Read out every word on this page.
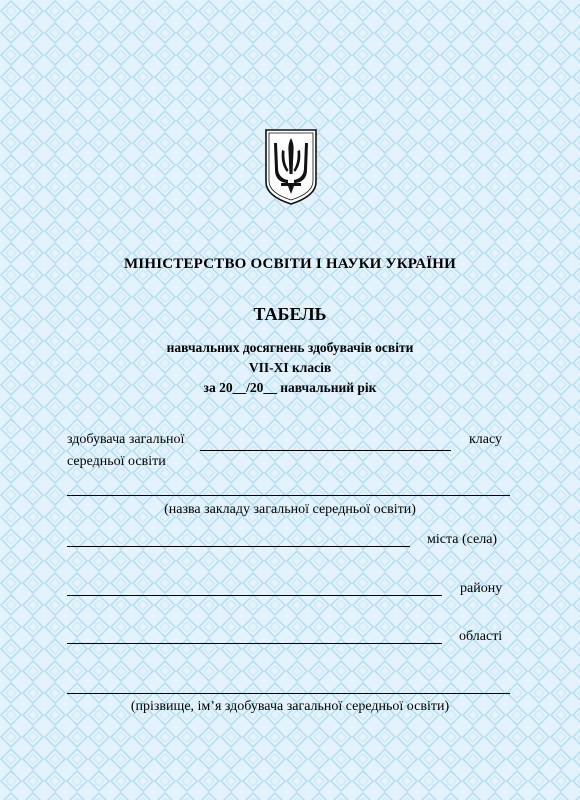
МІНІСТЕРСТВО ОСВІТИ І НАУКИ УКРАЇНИ
ТАБЕЛЬ
навчальних досягнень здобувачів освіти
VII-XI класів
за 20__/20__ навчальний рік
здобувача загальної	класу
середньої освіти
(назва закладу загальної середньої освіти)
міста (села)
району
області
(прізвище, ім’я здобувача загальної середньої освіти)
